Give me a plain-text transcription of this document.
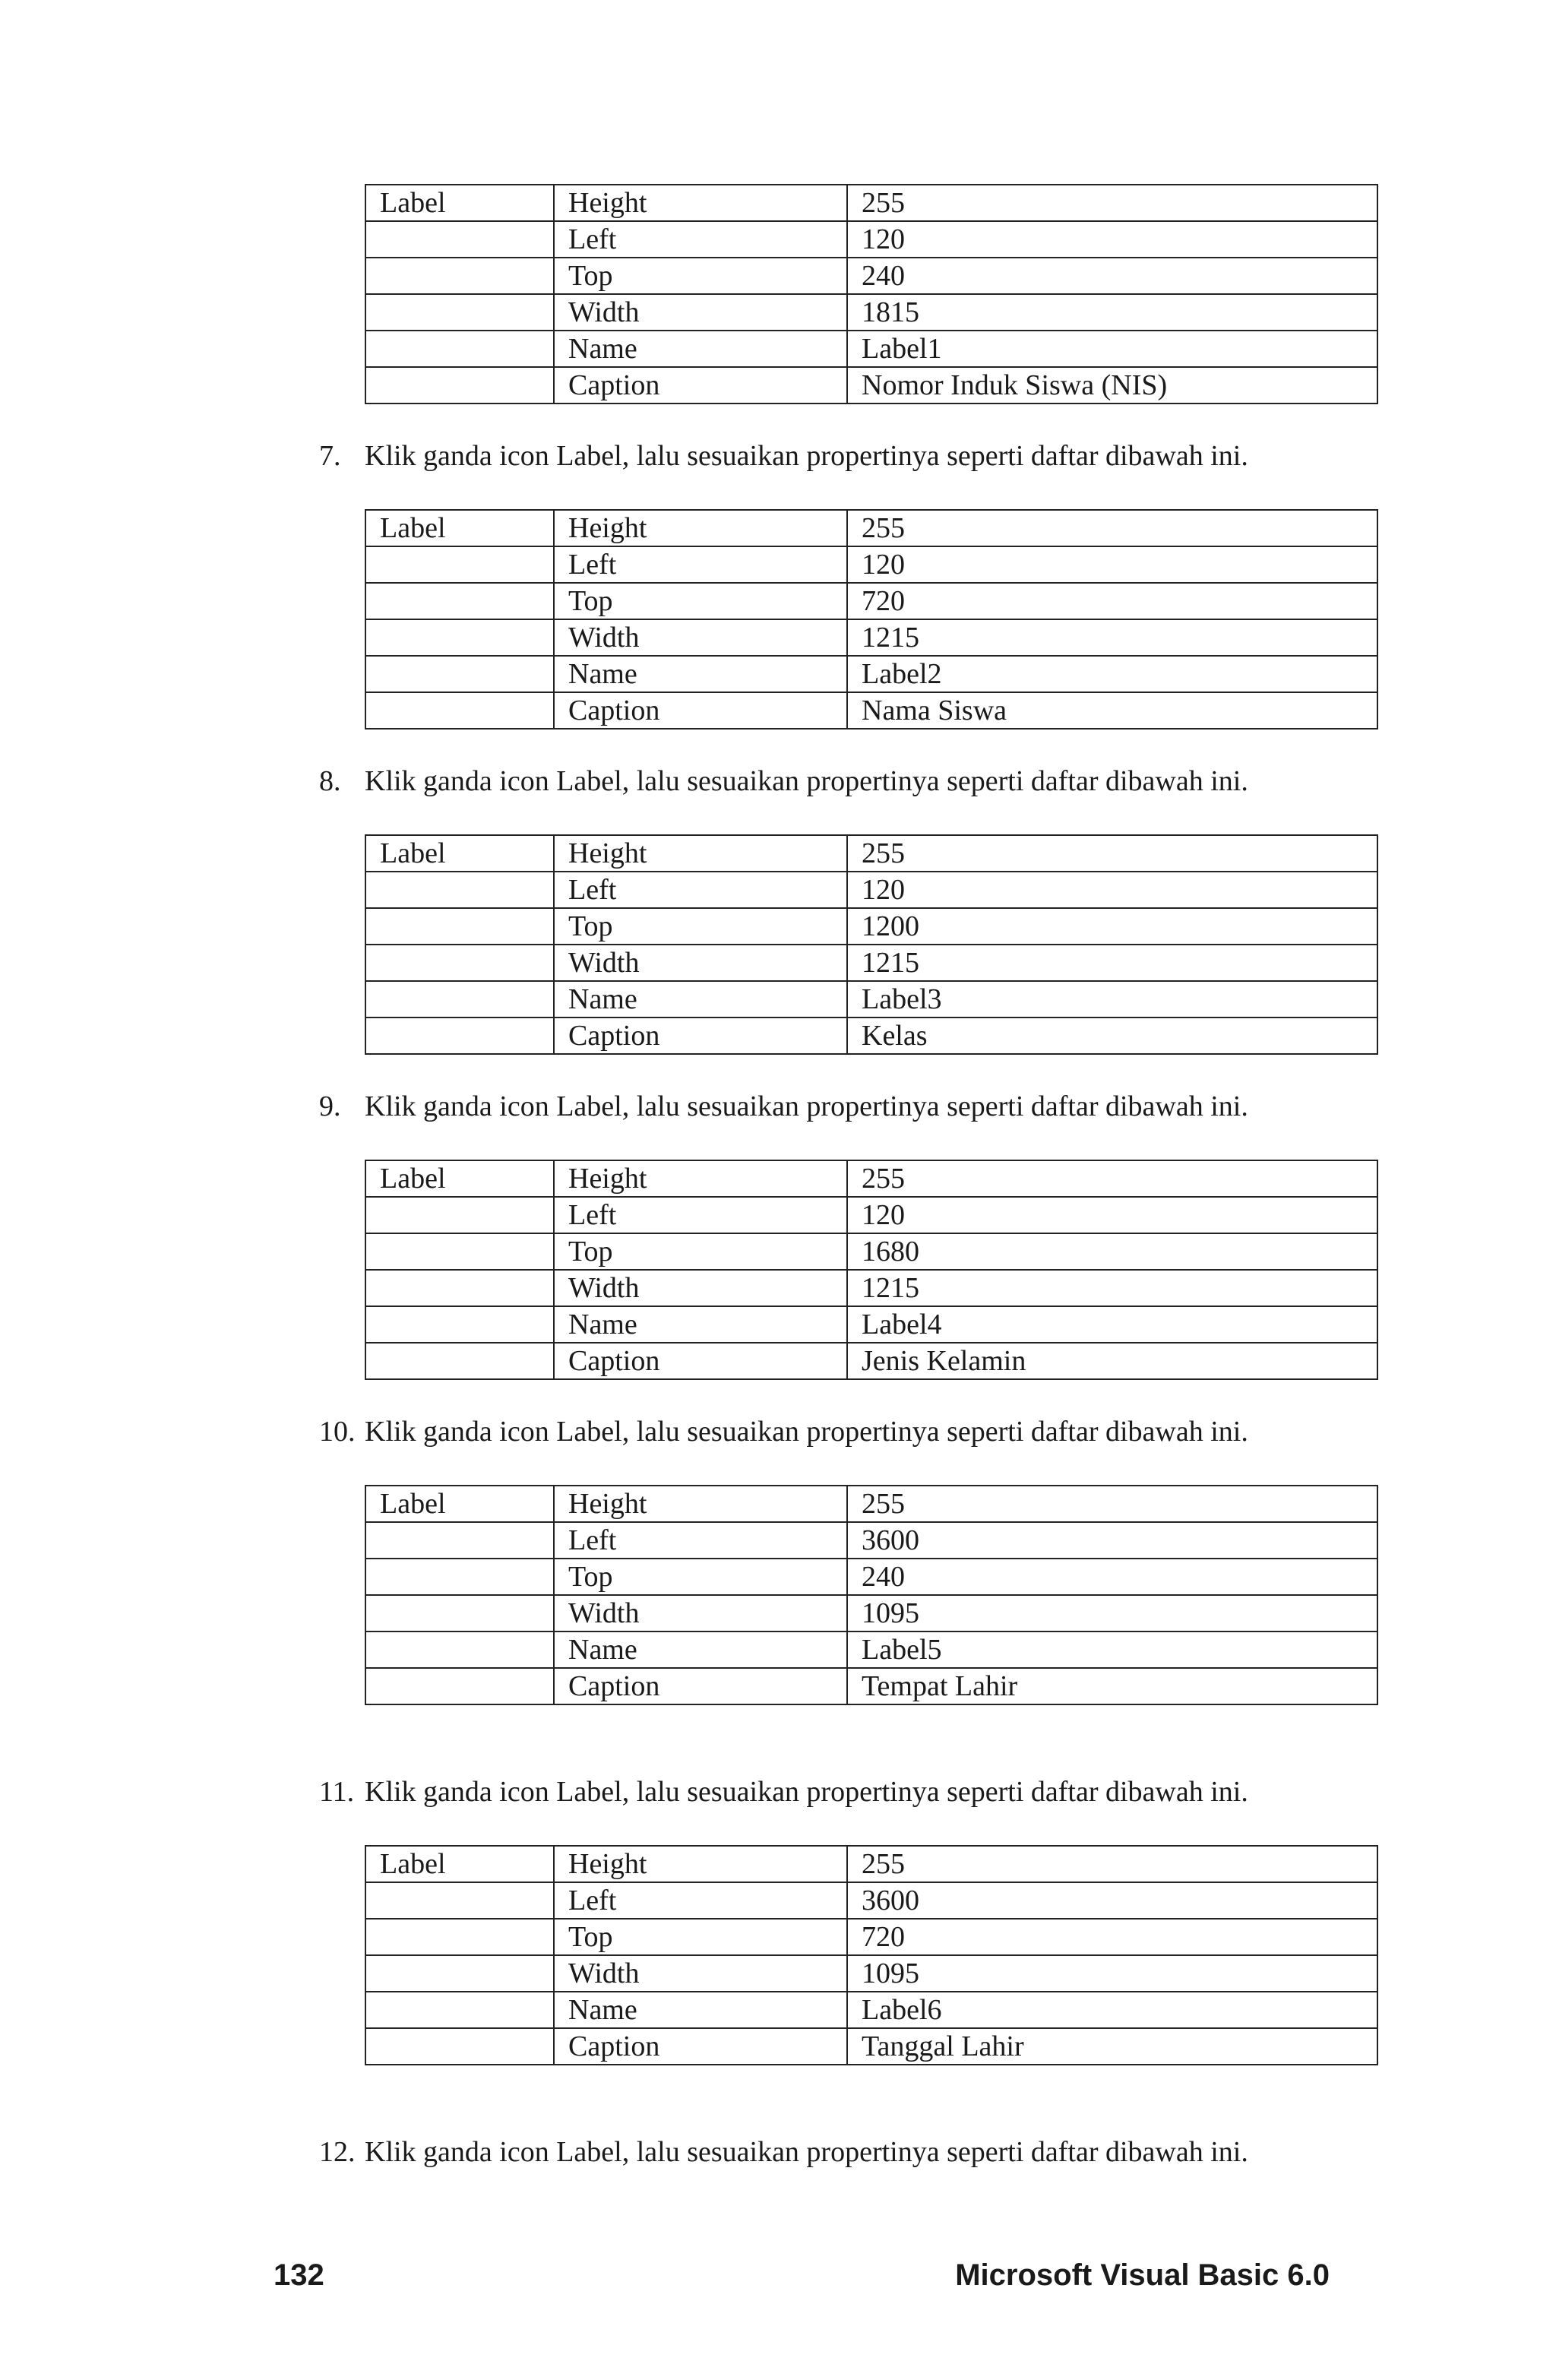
132	Microsoft Visual Basic 6.0
Label	Height	255
	Left	120
	Top	240
	Width	1815
	Name	Label1
	Caption	Nomor Induk Siswa (NIS)
Label	Height	255
	Left	120
	Top	720
	Width	1215
	Name	Label2
	Caption	Nama Siswa
Label	Height	255
	Left	120
	Top	1200
	Width	1215
	Name	Label3
	Caption	Kelas
Label	Height	255
	Left	120
	Top	1680
	Width	1215
	Name	Label4
	Caption	Jenis Kelamin
Label	Height	255
	Left	3600
	Top	240
	Width	1095
	Name	Label5
	Caption	Tempat Lahir
Label	Height	255
	Left	3600
	Top	720
	Width	1095
	Name	Label6
	Caption	Tanggal Lahir
7. Klik ganda icon Label, lalu sesuaikan propertinya seperti daftar dibawah ini.
8. Klik ganda icon Label, lalu sesuaikan propertinya seperti daftar dibawah ini.
9. Klik ganda icon Label, lalu sesuaikan propertinya seperti daftar dibawah ini.
10. Klik ganda icon Label, lalu sesuaikan propertinya seperti daftar dibawah ini.
11. Klik ganda icon Label, lalu sesuaikan propertinya seperti daftar dibawah ini.
12. Klik ganda icon Label, lalu sesuaikan propertinya seperti daftar dibawah ini.
